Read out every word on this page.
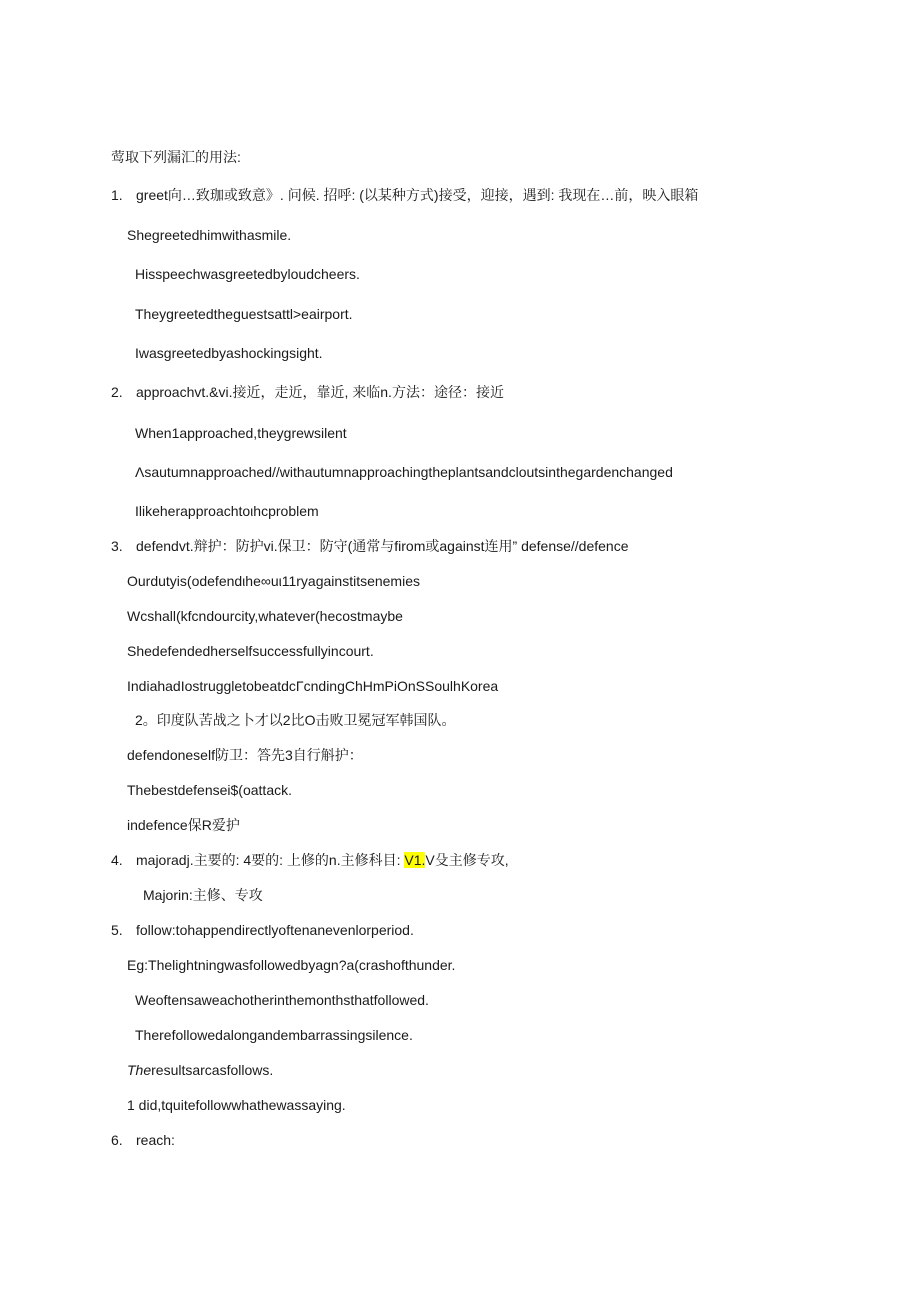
莺取下列漏汇的用法:
1. greet向…致珈或致意》. 问候. 招呼: (以某种方式)接受，迎接，遇到: 我现在…前，映入眼箱
Shegreetedhimwithasmile.
Hisspeechwasgreetedbyloudcheers.
Theygreetedtheguestsattl>eairport.
Iwasgreetedbyashockingsight.
2. approachvt.&vi.接近，走近，靠近, 来临n.方法：途径：接近
When1approached,theygrewsilent
Λsautumnapproached//withautumnapproachingtheplantsandcloutsinthegardenchanged
Ilikeherapproachtoιhcproblem
3. defendvt.辩护：防护vi.保卫：防守(通常与firom或against连用” defense//defence
Ourdutyis(odefendιhe∞uι11ryagainstitsenemies
Wcshall(kfcndourcity,whatever(hecostmaybe
Shedefendedherselfsuccessfullyincourt.
IndiahadIostruggletobeatdcΓcndingChHmPiOnSSoulhKorea
2。印度队苦战之卜才以2比O击败卫冕冠军韩国队。
defendoneself防卫：答先3自行斛护：
Thebestdefensei$(oattack.
indefence保R爱护
4. majoradj.主要的: 4要的: 上修的n.主修科目: V1.V殳主修专攻,
Majorin:主修、专攻
5. follow:tohappendirectlyoftenanevenlorperiod.
Eg:Thelightningwasfollowedbyagn?a(crashofthunder.
Weoftensaweachotherinthemonthsthatfollowed.
Therefollowedalongandembarrassingsilence.
Theresultsarcasfollows.
1 did,tquitefollowwhathewassaying.
6. reach:
